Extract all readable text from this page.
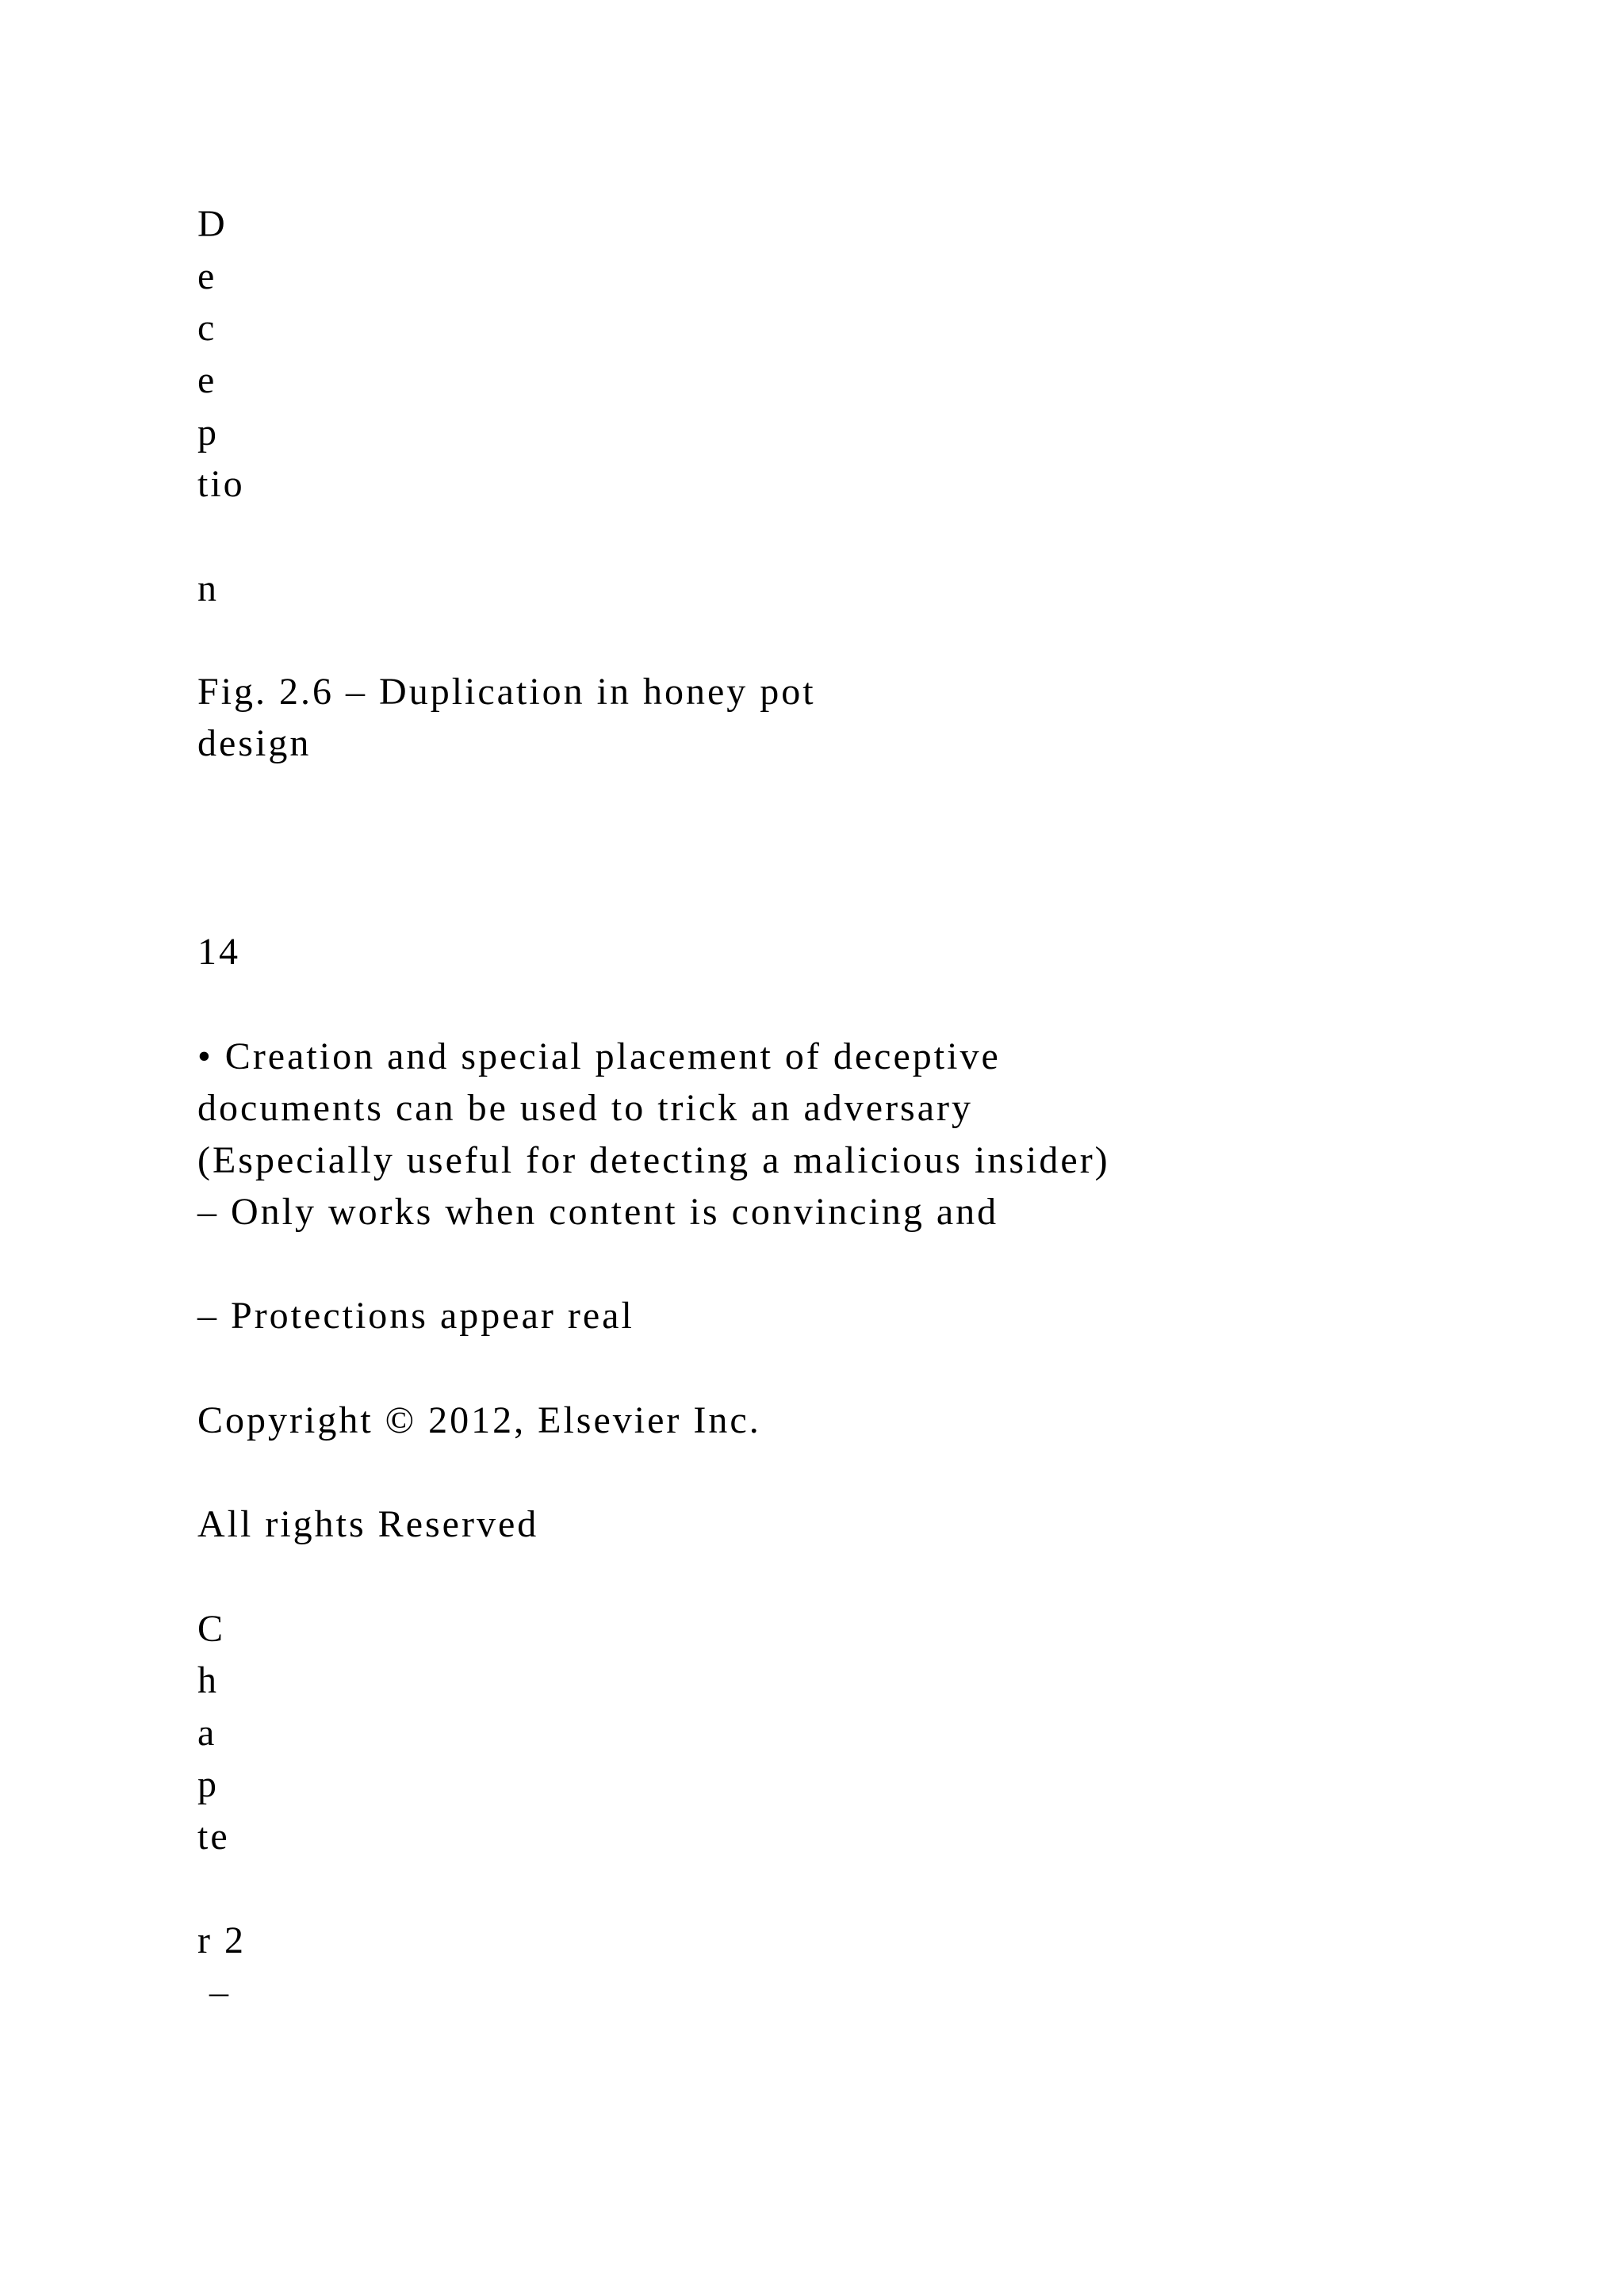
D

e

c

e

p

tio

n

Fig. 2.6 – Duplication in honey pot

design

14

• Creation and special placement of deceptive

documents can be used to trick an adversary

(Especially useful for detecting a malicious insider)

– Only works when content is convincing and

– Protections appear real

Copyright © 2012, Elsevier Inc.

All rights Reserved

C

h

a

p

te

r 2

–
